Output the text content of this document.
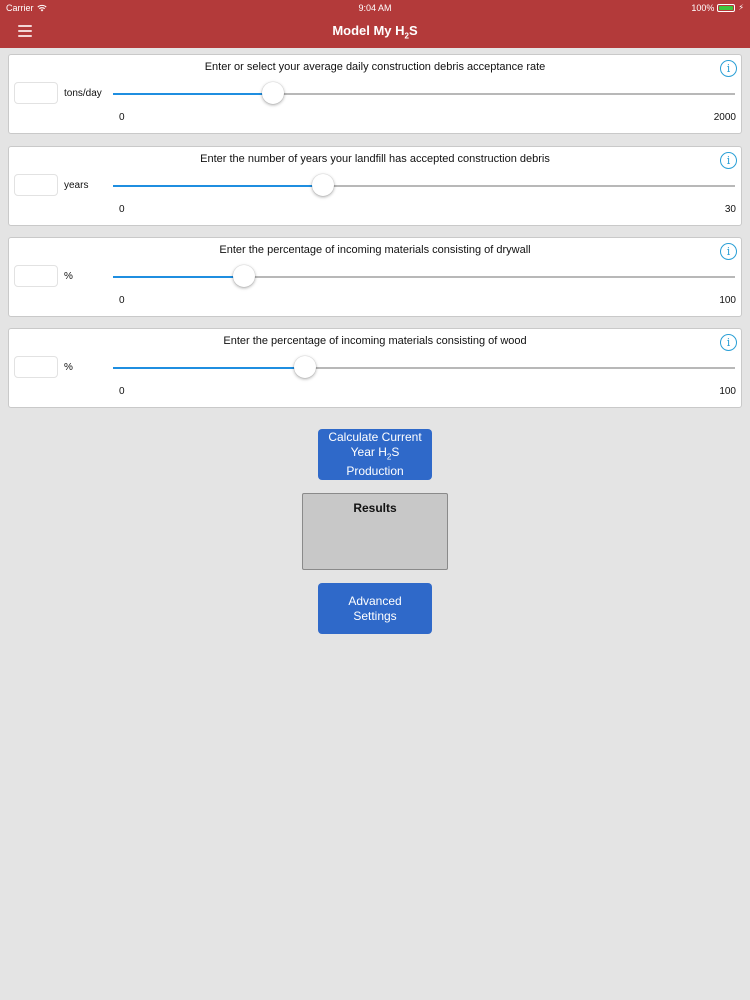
Carrier	9:04 AM	100%	⚡
Model My $H_2S$
Enter or select your average daily construction debris acceptance rate	i
tons/day
0	2000
Enter the number of years your landfill has accepted construction debris	i
years
0	30
Enter the percentage of incoming materials consisting of drywall	i
%
0	100
Enter the percentage of incoming materials consisting of wood	i
%
0	100
Calculate Current
Year $H_2S$
Production
Results
Advanced
Settings
